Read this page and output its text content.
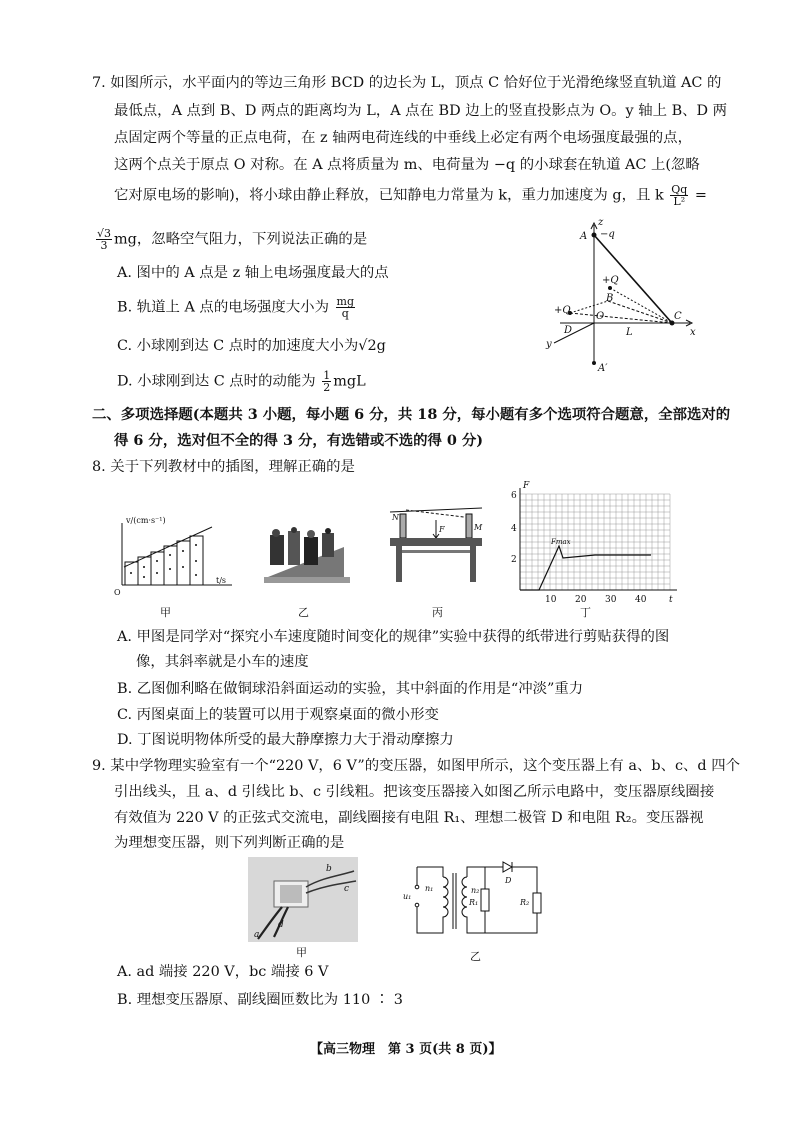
7. 如图所示，水平面内的等边三角形 BCD 的边长为 L，顶点 C 恰好位于光滑绝缘竖直轨道 AC 的
最低点，A 点到 B、D 两点的距离均为 L，A 点在 BD 边上的竖直投影点为 O。y 轴上 B、D 两
点固定两个等量的正点电荷，在 z 轴两电荷连线的中垂线上必定有两个电场强度最强的点，
这两个点关于原点 O 对称。在 A 点将质量为 m、电荷量为 −q 的小球套在轨道 AC 上(忽略
它对原电场的影响)，将小球由静止释放，已知静电力常量为 k，重力加速度为 g，且 k $\frac{Qq}{\text{L²}}$ =
$\frac{√3}{3}$ mg，忽略空气阻力，下列说法正确的是
A. 图中的 A 点是 z 轴上电场强度最大的点
B. 轨道上 A 点的电场强度大小为 $\frac{mg}{q}$
C. 小球刚到达 C 点时的加速度大小为√2g
D. 小球刚到达 C 点时的动能为 $\frac{1}{2}$ mgL
z
A −q
+Q
B
+Q
O
D	L
C
x
y
A′
二、多项选择题(本题共 3 小题，每小题 6 分，共 18 分，每小题有多个选项符合题意，全部选对的
得 6 分，选对但不全的得 3 分，有选错或不选的得 0 分)
8. 关于下列教材中的插图，理解正确的是
v/(cm·s⁻¹)
t/s
O
甲	乙
N
M
F
丙
F
6
4
2
10 20 30 40	t
Fmax
丁
A. 甲图是同学对“探究小车速度随时间变化的规律”实验中获得的纸带进行剪贴获得的图
像，其斜率就是小车的速度
B. 乙图伽利略在做铜球沿斜面运动的实验，其中斜面的作用是“冲淡”重力
C. 丙图桌面上的装置可以用于观察桌面的微小形变
D. 丁图说明物体所受的最大静摩擦力大于滑动摩擦力
9. 某中学物理实验室有一个“220 V，6 V”的变压器，如图甲所示，这个变压器上有 a、b、c、d 四个
引出线头，且 a、d 引线比 b、c 引线粗。把该变压器接入如图乙所示电路中，变压器原线圈接
有效值为 220 V 的正弦式交流电，副线圈接有电阻 R₁、理想二极管 D 和电阻 R₂。变压器视
为理想变压器，则下列判断正确的是
b
c
d
a
甲
u₁
n₁	n₂
R₁	R₂
D
乙
A. ad 端接 220 V，bc 端接 6 V
B. 理想变压器原、副线圈匝数比为 110 ∶ 3
【高三物理　第 3 页(共 8 页)】
